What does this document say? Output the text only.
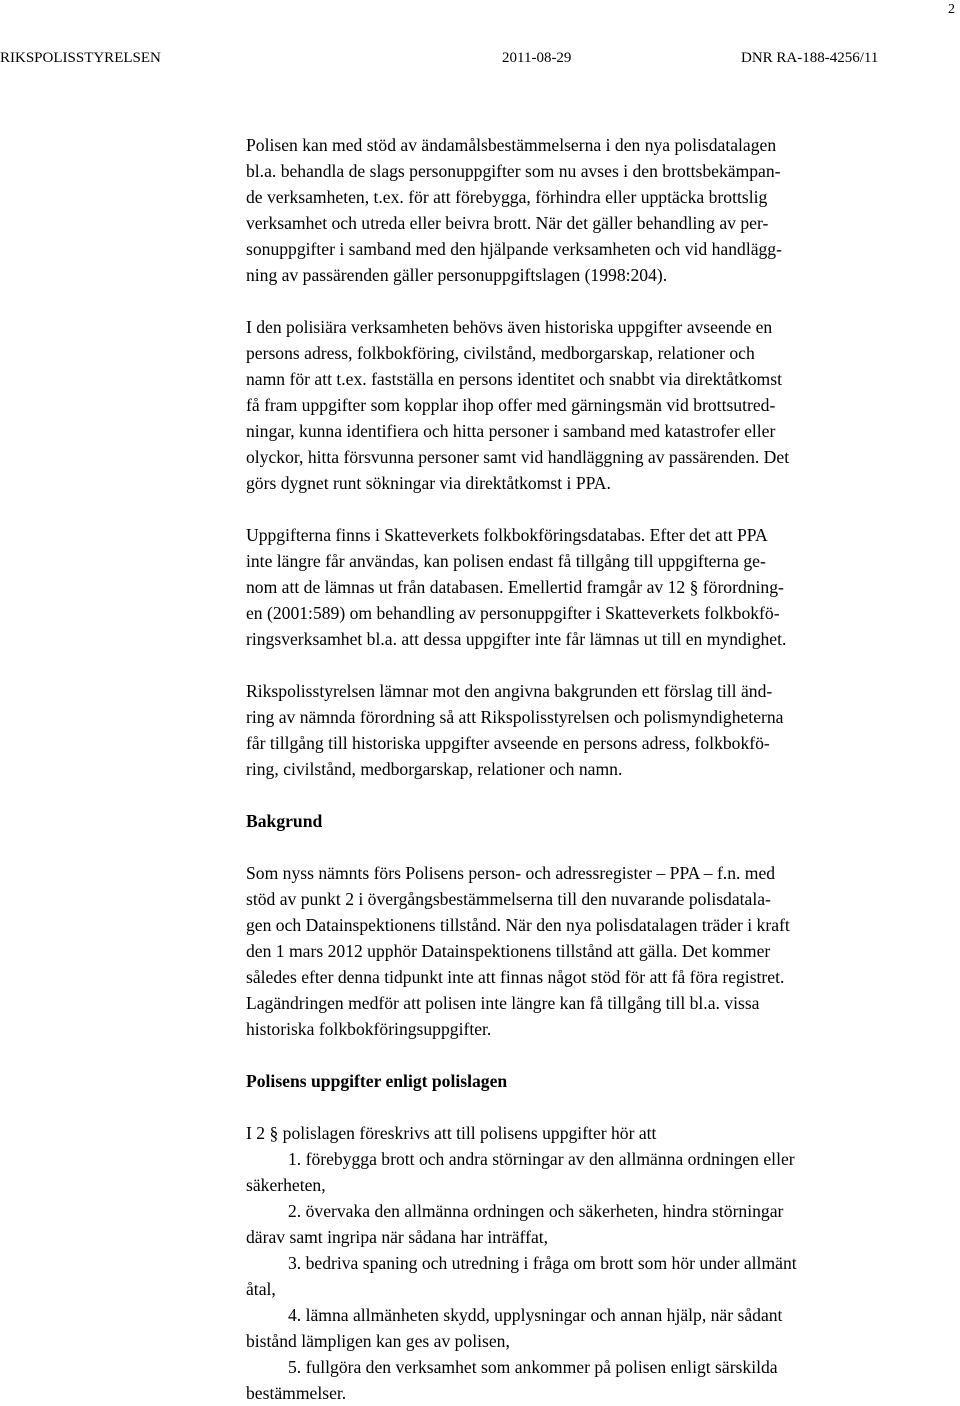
2
RIKSPOLISSTYRELSEN	2011-08-29	DNR RA-188-4256/11
Polisen kan med stöd av ändamålsbestämmelserna i den nya polisdatalagen
bl.a. behandla de slags personuppgifter som nu avses i den brottsbekämpan-
de verksamheten, t.ex. för att förebygga, förhindra eller upptäcka brottslig
verksamhet och utreda eller beivra brott. När det gäller behandling av per-
sonuppgifter i samband med den hjälpande verksamheten och vid handlägg-
ning av passärenden gäller personuppgiftslagen (1998:204).
I den polisiära verksamheten behövs även historiska uppgifter avseende en
persons adress, folkbokföring, civilstånd, medborgarskap, relationer och
namn för att t.ex. fastställa en persons identitet och snabbt via direktåtkomst
få fram uppgifter som kopplar ihop offer med gärningsmän vid brottsutred-
ningar, kunna identifiera och hitta personer i samband med katastrofer eller
olyckor, hitta försvunna personer samt vid handläggning av passärenden. Det
görs dygnet runt sökningar via direktåtkomst i PPA.
Uppgifterna finns i Skatteverkets folkbokföringsdatabas. Efter det att PPA
inte längre får användas, kan polisen endast få tillgång till uppgifterna ge-
nom att de lämnas ut från databasen. Emellertid framgår av 12 § förordning-
en (2001:589) om behandling av personuppgifter i Skatteverkets folkbokfö-
ringsverksamhet bl.a. att dessa uppgifter inte får lämnas ut till en myndighet.
Rikspolisstyrelsen lämnar mot den angivna bakgrunden ett förslag till änd-
ring av nämnda förordning så att Rikspolisstyrelsen och polismyndigheterna
får tillgång till historiska uppgifter avseende en persons adress, folkbokfö-
ring, civilstånd, medborgarskap, relationer och namn.
Bakgrund
Som nyss nämnts förs Polisens person- och adressregister – PPA – f.n. med
stöd av punkt 2 i övergångsbestämmelserna till den nuvarande polisdatala-
gen och Datainspektionens tillstånd. När den nya polisdatalagen träder i kraft
den 1 mars 2012 upphör Datainspektionens tillstånd att gälla. Det kommer
således efter denna tidpunkt inte att finnas något stöd för att få föra registret.
Lagändringen medför att polisen inte längre kan få tillgång till bl.a. vissa
historiska folkbokföringsuppgifter.
Polisens uppgifter enligt polislagen
I 2 § polislagen föreskrivs att till polisens uppgifter hör att
1. förebygga brott och andra störningar av den allmänna ordningen eller
säkerheten,
2. övervaka den allmänna ordningen och säkerheten, hindra störningar
därav samt ingripa när sådana har inträffat,
3. bedriva spaning och utredning i fråga om brott som hör under allmänt
åtal,
4. lämna allmänheten skydd, upplysningar och annan hjälp, när sådant
bistånd lämpligen kan ges av polisen,
5. fullgöra den verksamhet som ankommer på polisen enligt särskilda
bestämmelser.
